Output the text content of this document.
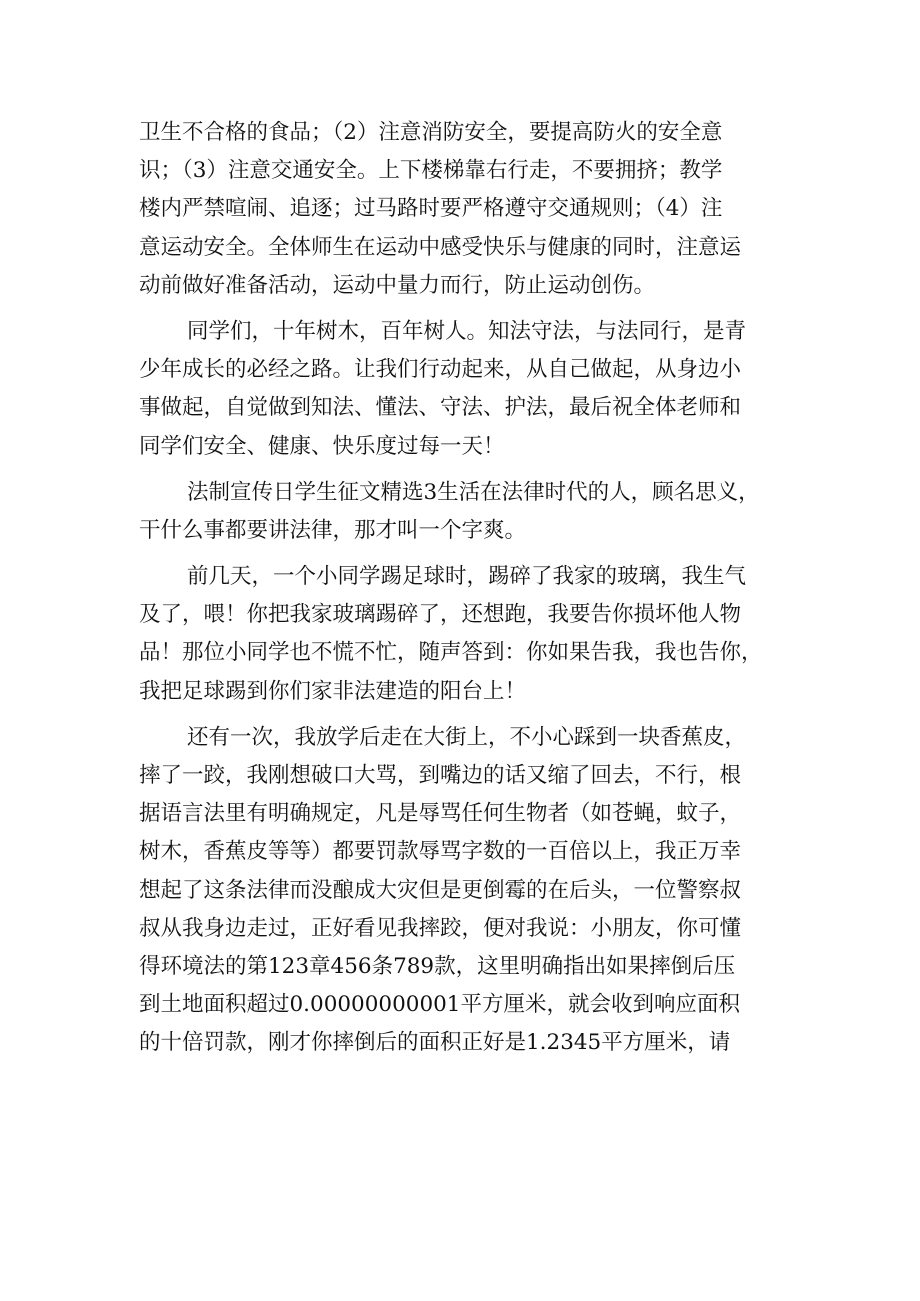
卫生不合格的食品；（2）注意消防安全，要提高防火的安全意
识；（3）注意交通安全。上下楼梯靠右行走，不要拥挤；教学
楼内严禁喧闹、追逐；过马路时要严格遵守交通规则；（4）注
意运动安全。全体师生在运动中感受快乐与健康的同时，注意运
动前做好准备活动，运动中量力而行，防止运动创伤。
同学们，十年树木，百年树人。知法守法，与法同行，是青
少年成长的必经之路。让我们行动起来，从自己做起，从身边小
事做起，自觉做到知法、懂法、守法、护法，最后祝全体老师和
同学们安全、健康、快乐度过每一天！
法制宣传日学生征文精选3生活在法律时代的人，顾名思义，
干什么事都要讲法律，那才叫一个字爽。
前几天，一个小同学踢足球时，踢碎了我家的玻璃，我生气
及了，喂！你把我家玻璃踢碎了，还想跑，我要告你损坏他人物
品！那位小同学也不慌不忙，随声答到：你如果告我，我也告你，
我把足球踢到你们家非法建造的阳台上！
还有一次，我放学后走在大街上，不小心踩到一块香蕉皮，
摔了一跤，我刚想破口大骂，到嘴边的话又缩了回去，不行，根
据语言法里有明确规定，凡是辱骂任何生物者（如苍蝇，蚊子，
树木，香蕉皮等等）都要罚款辱骂字数的一百倍以上，我正万幸
想起了这条法律而没酿成大灾但是更倒霉的在后头，一位警察叔
叔从我身边走过，正好看见我摔跤，便对我说：小朋友，你可懂
得环境法的第123章456条789款，这里明确指出如果摔倒后压
到土地面积超过0.00000000001平方厘米，就会收到响应面积
的十倍罚款，刚才你摔倒后的面积正好是1.2345平方厘米，请
